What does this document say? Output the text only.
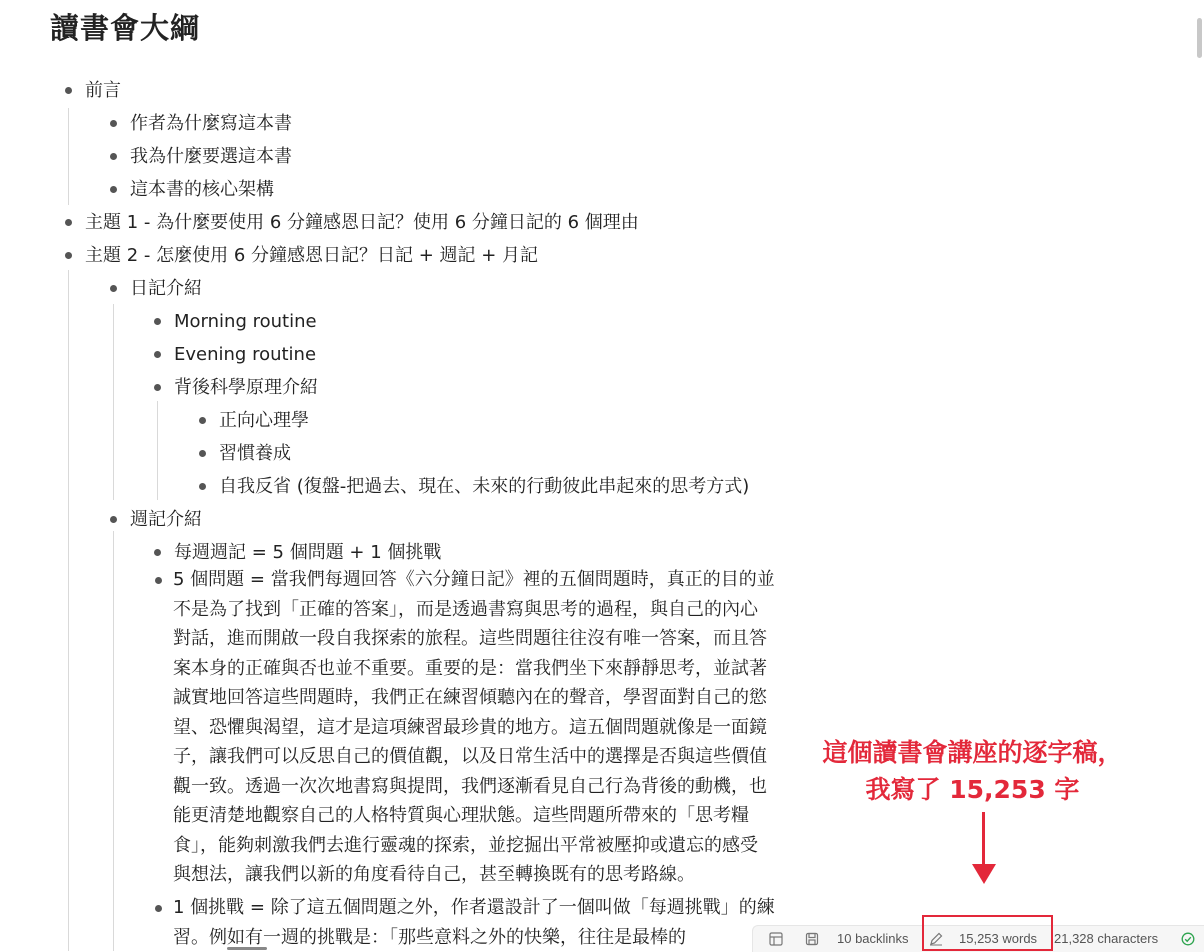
讀書會大綱
前言
作者為什麼寫這本書
我為什麼要選這本書
這本書的核心架構
主題 1 - 為什麼要使用 6 分鐘感恩日記？使用 6 分鐘日記的 6 個理由
主題 2 - 怎麼使用 6 分鐘感恩日記？日記 + 週記 + 月記
日記介紹
Morning routine
Evening routine
背後科學原理介紹
正向心理學
習慣養成
自我反省 (復盤-把過去、現在、未來的行動彼此串起來的思考方式)
週記介紹
每週週記 = 5 個問題 + 1 個挑戰
5 個問題 = 當我們每週回答《六分鐘日記》裡的五個問題時，真正的目的並
不是為了找到「正確的答案」，而是透過書寫與思考的過程，與自己的內心
對話，進而開啟一段自我探索的旅程。這些問題往往沒有唯一答案，而且答
案本身的正確與否也並不重要。重要的是：當我們坐下來靜靜思考，並試著
誠實地回答這些問題時，我們正在練習傾聽內在的聲音，學習面對自己的慾
望、恐懼與渴望，這才是這項練習最珍貴的地方。這五個問題就像是一面鏡
子，讓我們可以反思自己的價值觀，以及日常生活中的選擇是否與這些價值
觀一致。透過一次次地書寫與提問，我們逐漸看見自己行為背後的動機，也
能更清楚地觀察自己的人格特質與心理狀態。這些問題所帶來的「思考糧
食」，能夠刺激我們去進行靈魂的探索，並挖掘出平常被壓抑或遺忘的感受
與想法，讓我們以新的角度看待自己，甚至轉換既有的思考路線。
1 個挑戰 = 除了這五個問題之外，作者還設計了一個叫做「每週挑戰」的練
習。例如有一週的挑戰是：「那些意料之外的快樂，往往是最棒的
這個讀書會講座的逐字稿，
我寫了 15,253 字
10 backlinks	15,253 words 21,328 characters
